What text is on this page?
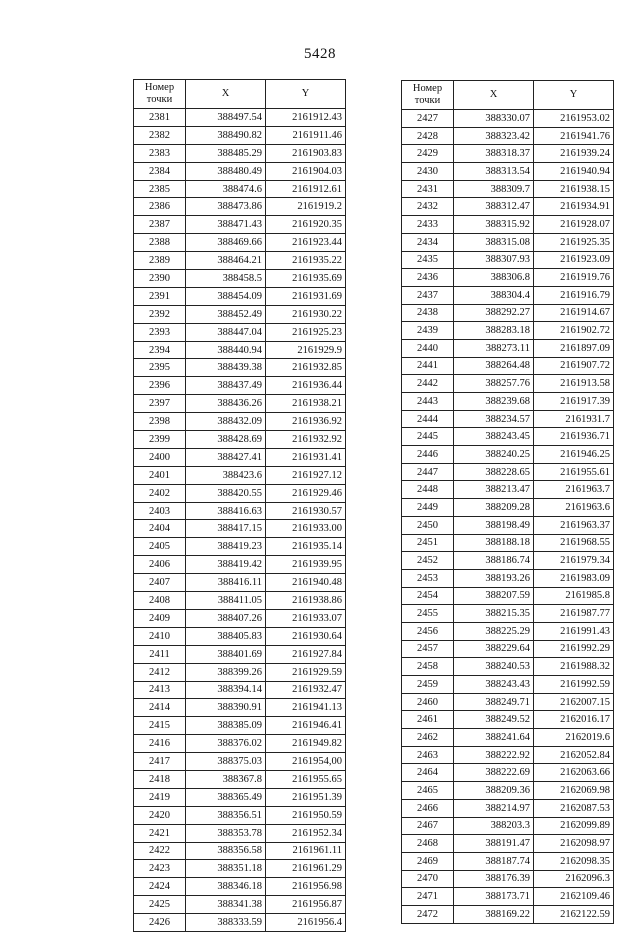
5428
Номер
точки	X	Y
2381	388497.54	2161912.43
2382	388490.82	2161911.46
2383	388485.29	2161903.83
2384	388480.49	2161904.03
2385	388474.6	2161912.61
2386	388473.86	2161919.2
2387	388471.43	2161920.35
2388	388469.66	2161923.44
2389	388464.21	2161935.22
2390	388458.5	2161935.69
2391	388454.09	2161931.69
2392	388452.49	2161930.22
2393	388447.04	2161925.23
2394	388440.94	2161929.9
2395	388439.38	2161932.85
2396	388437.49	2161936.44
2397	388436.26	2161938.21
2398	388432.09	2161936.92
2399	388428.69	2161932.92
2400	388427.41	2161931.41
2401	388423.6	2161927.12
2402	388420.55	2161929.46
2403	388416.63	2161930.57
2404	388417.15	2161933.00
2405	388419.23	2161935.14
2406	388419.42	2161939.95
2407	388416.11	2161940.48
2408	388411.05	2161938.86
2409	388407.26	2161933.07
2410	388405.83	2161930.64
2411	388401.69	2161927.84
2412	388399.26	2161929.59
2413	388394.14	2161932.47
2414	388390.91	2161941.13
2415	388385.09	2161946.41
2416	388376.02	2161949.82
2417	388375.03	2161954,00
2418	388367.8	2161955.65
2419	388365.49	2161951.39
2420	388356.51	2161950.59
2421	388353.78	2161952.34
2422	388356.58	2161961.11
2423	388351.18	2161961.29
2424	388346.18	2161956.98
2425	388341.38	2161956.87
2426	388333.59	2161956.4
Номер
точки	X	Y
2427	388330.07	2161953.02
2428	388323.42	2161941.76
2429	388318.37	2161939.24
2430	388313.54	2161940.94
2431	388309.7	2161938.15
2432	388312.47	2161934.91
2433	388315.92	2161928.07
2434	388315.08	2161925.35
2435	388307.93	2161923.09
2436	388306.8	2161919.76
2437	388304.4	2161916.79
2438	388292.27	2161914.67
2439	388283.18	2161902.72
2440	388273.11	2161897.09
2441	388264.48	2161907.72
2442	388257.76	2161913.58
2443	388239.68	2161917.39
2444	388234.57	2161931.7
2445	388243.45	2161936.71
2446	388240.25	2161946.25
2447	388228.65	2161955.61
2448	388213.47	2161963.7
2449	388209.28	2161963.6
2450	388198.49	2161963.37
2451	388188.18	2161968.55
2452	388186.74	2161979.34
2453	388193.26	2161983.09
2454	388207.59	2161985.8
2455	388215.35	2161987.77
2456	388225.29	2161991.43
2457	388229.64	2161992.29
2458	388240.53	2161988.32
2459	388243.43	2161992.59
2460	388249.71	2162007.15
2461	388249.52	2162016.17
2462	388241.64	2162019.6
2463	388222.92	2162052.84
2464	388222.69	2162063.66
2465	388209.36	2162069.98
2466	388214.97	2162087.53
2467	388203.3	2162099.89
2468	388191.47	2162098.97
2469	388187.74	2162098.35
2470	388176.39	2162096.3
2471	388173.71	2162109.46
2472	388169.22	2162122.59
